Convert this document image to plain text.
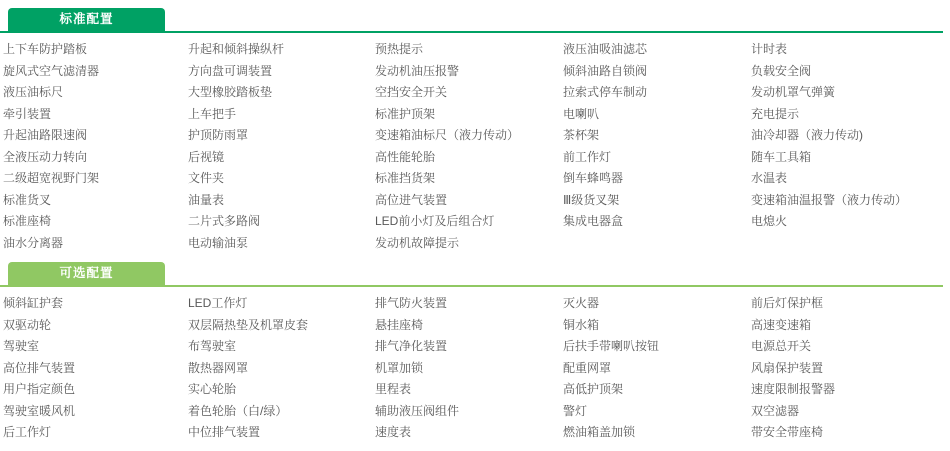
标准配置
上下车防护踏板
旋风式空气滤清器
液压油标尺
牵引装置
升起油路限速阀
全液压动力转向
二级超宽视野门架
标准货叉
标准座椅
油水分离器
升起和倾斜操纵杆
方向盘可调装置
大型橡胶踏板垫
上车把手
护顶防雨罩
后视镜
文件夹
油量表
二片式多路阀
电动输油泵
预热提示
发动机油压报警
空挡安全开关
标准护顶架
变速箱油标尺（液力传动）
高性能轮胎
标准挡货架
高位进气装置
LED前小灯及后组合灯
发动机故障提示
液压油吸油滤芯
倾斜油路自锁阀
拉索式停车制动
电喇叭
茶杯架
前工作灯
倒车蜂鸣器
Ⅲ级货叉架
集成电器盒
计时表
负载安全阀
发动机罩气弹簧
充电提示
油冷却器（液力传动)
随车工具箱
水温表
变速箱油温报警（液力传动）
电熄火
可选配置
倾斜缸护套
双驱动轮
驾驶室
高位排气装置
用户指定颜色
驾驶室暖风机
后工作灯
LED工作灯
双层隔热垫及机罩皮套
布驾驶室
散热器网罩
实心轮胎
着色轮胎（白/绿）
中位排气装置
排气防火装置
悬挂座椅
排气净化装置
机罩加锁
里程表
辅助液压阀组件
速度表
灭火器
铜水箱
后扶手带喇叭按钮
配重网罩
高低护顶架
警灯
燃油箱盖加锁
前后灯保护框
高速变速箱
电源总开关
风扇保护装置
速度限制报警器
双空滤器
带安全带座椅
